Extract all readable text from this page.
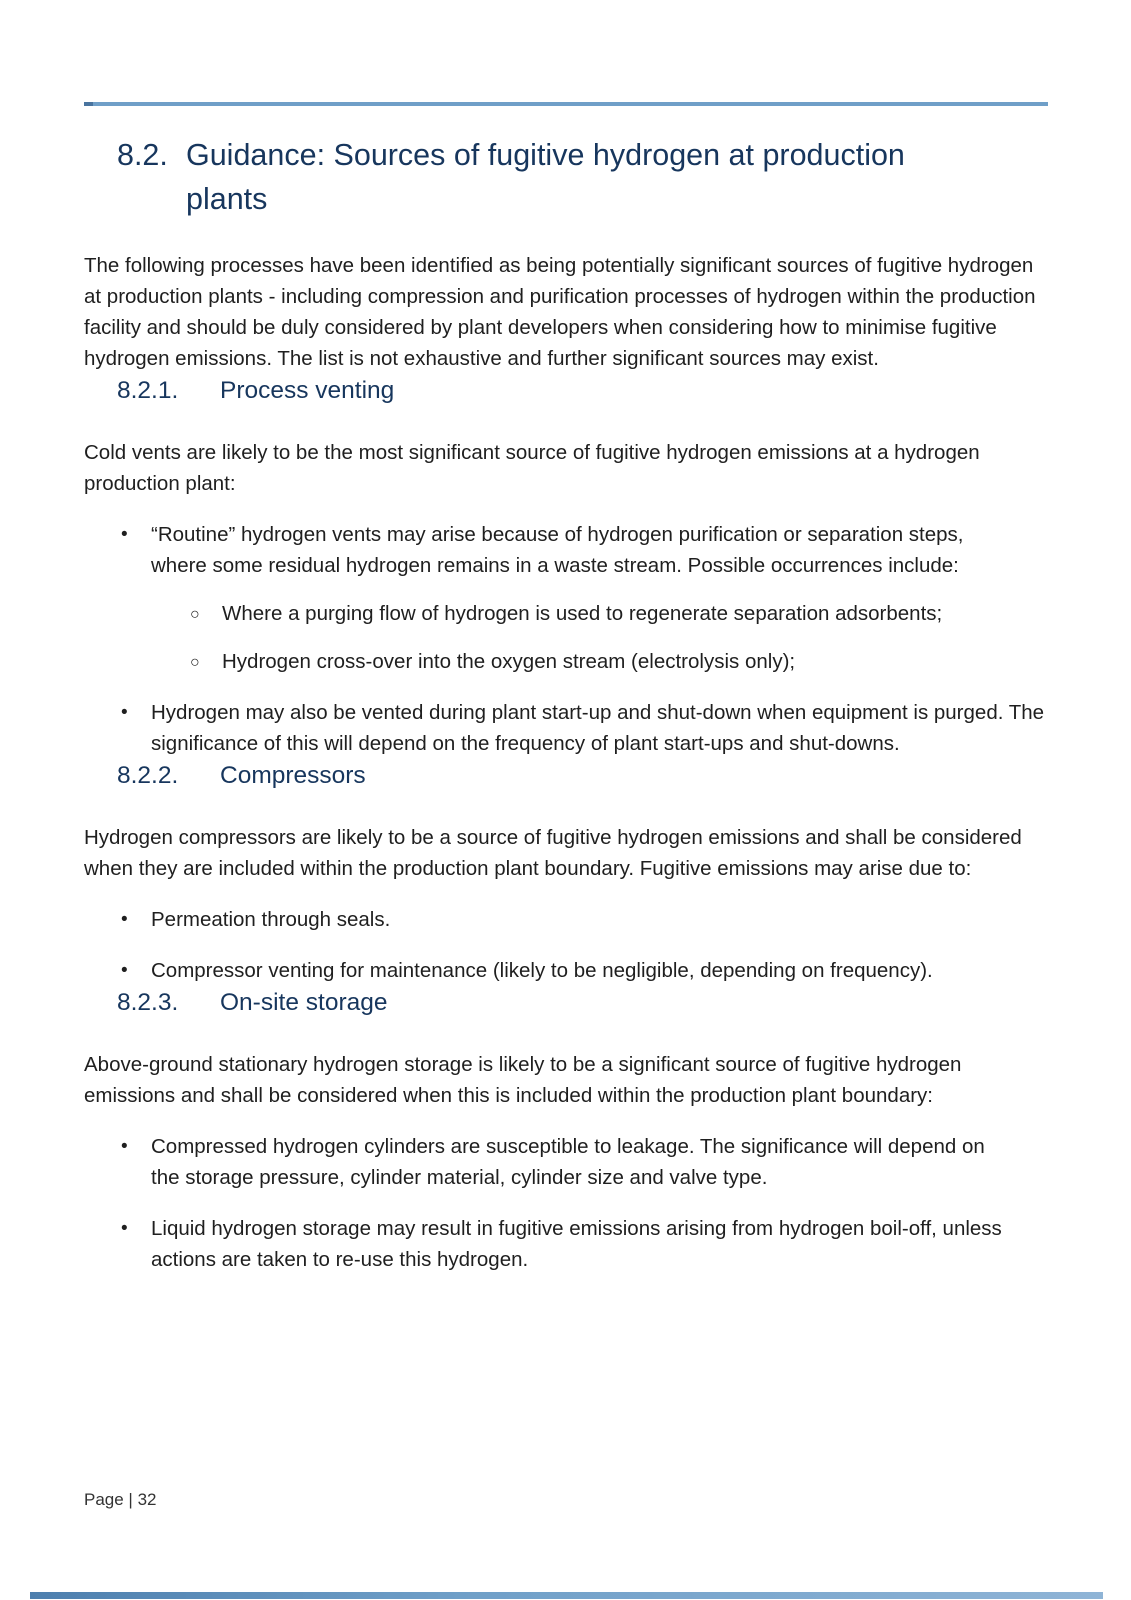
8.2. Guidance: Sources of fugitive hydrogen at production plants

The following processes have been identified as being potentially significant sources of fugitive hydrogen at production plants - including compression and purification processes of hydrogen within the production facility and should be duly considered by plant developers when considering how to minimise fugitive hydrogen emissions. The list is not exhaustive and further significant sources may exist.

8.2.1. Process venting

Cold vents are likely to be the most significant source of fugitive hydrogen emissions at a hydrogen production plant:

• “Routine” hydrogen vents may arise because of hydrogen purification or separation steps, where some residual hydrogen remains in a waste stream. Possible occurrences include:
○ Where a purging flow of hydrogen is used to regenerate separation adsorbents;
○ Hydrogen cross-over into the oxygen stream (electrolysis only);
• Hydrogen may also be vented during plant start-up and shut-down when equipment is purged. The significance of this will depend on the frequency of plant start-ups and shut-downs.
8.2.2. Compressors

Hydrogen compressors are likely to be a source of fugitive hydrogen emissions and shall be considered when they are included within the production plant boundary. Fugitive emissions may arise due to:

• Permeation through seals.
• Compressor venting for maintenance (likely to be negligible, depending on frequency).
8.2.3. On-site storage

Above-ground stationary hydrogen storage is likely to be a significant source of fugitive hydrogen emissions and shall be considered when this is included within the production plant boundary:

• Compressed hydrogen cylinders are susceptible to leakage. The significance will depend on the storage pressure, cylinder material, cylinder size and valve type.
• Liquid hydrogen storage may result in fugitive emissions arising from hydrogen boil-off, unless actions are taken to re-use this hydrogen.
Page | 32
